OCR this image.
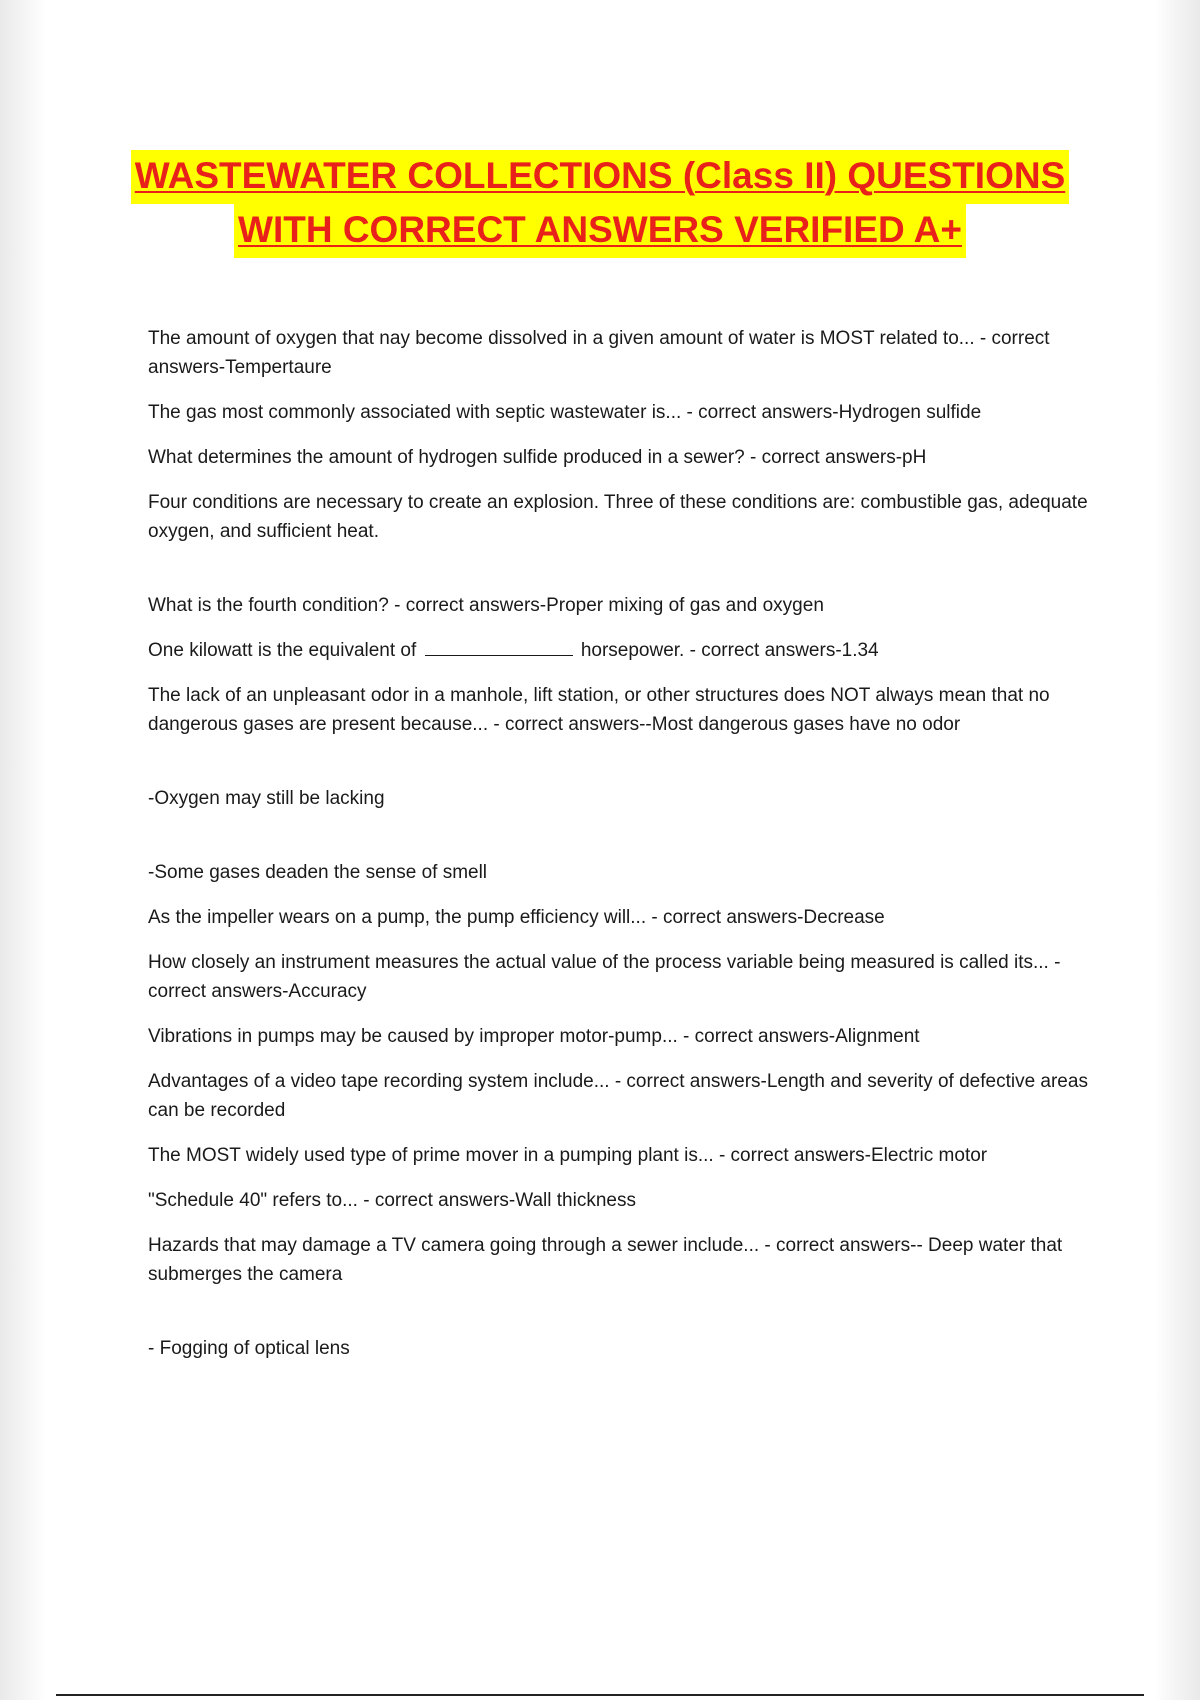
WASTEWATER COLLECTIONS (Class II) QUESTIONS
WITH CORRECT ANSWERS VERIFIED A+

The amount of oxygen that nay become dissolved in a given amount of water is MOST related to... - correct answers-Tempertaure

The gas most commonly associated with septic wastewater is... - correct answers-Hydrogen sulfide

What determines the amount of hydrogen sulfide produced in a sewer? - correct answers-pH

Four conditions are necessary to create an explosion. Three of these conditions are: combustible gas, adequate oxygen, and sufficient heat.

What is the fourth condition? - correct answers-Proper mixing of gas and oxygen

One kilowatt is the equivalent of	horsepower. - correct answers-1.34

The lack of an unpleasant odor in a manhole, lift station, or other structures does NOT always mean that no dangerous gases are present because... - correct answers--Most dangerous gases have no odor

-Oxygen may still be lacking

-Some gases deaden the sense of smell

As the impeller wears on a pump, the pump efficiency will... - correct answers-Decrease

How closely an instrument measures the actual value of the process variable being measured is called its... - correct answers-Accuracy

Vibrations in pumps may be caused by improper motor-pump... - correct answers-Alignment

Advantages of a video tape recording system include... - correct answers-Length and severity of defective areas can be recorded

The MOST widely used type of prime mover in a pumping plant is... - correct answers-Electric motor

"Schedule 40" refers to... - correct answers-Wall thickness

Hazards that may damage a TV camera going through a sewer include... - correct answers-- Deep water that submerges the camera

- Fogging of optical lens
